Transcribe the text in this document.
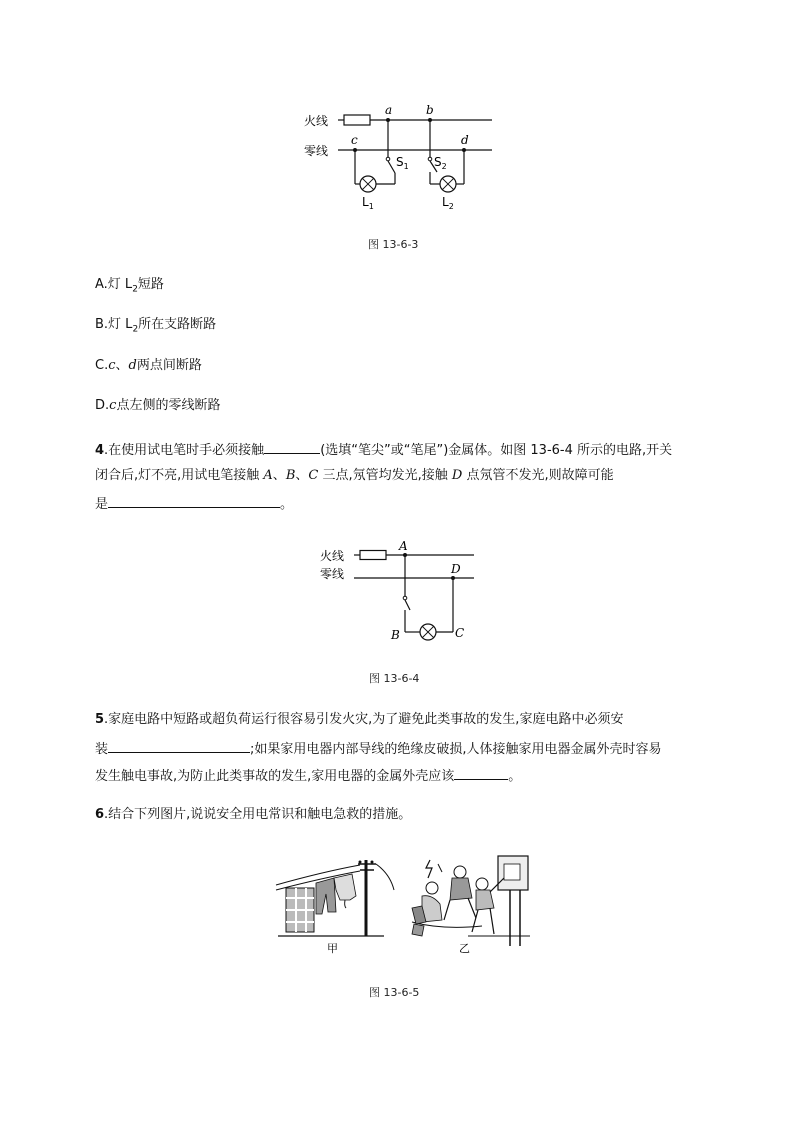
火线
零线
a	b
c	d
$S_1$
$L_1$
$S_2$
$L_2$
图 13-6-3
A.灯 $L_2$短路
B.灯 $L_2$所在支路断路
C.c、d两点间断路
D.c点左侧的零线断路
4.在使用试电笔时手必须接触	(选填“笔尖”或“笔尾”)金属体。如图 13-6-4 所示的电路,开关
闭合后,灯不亮,用试电笔接触 A、B、C 三点,氖管均发光,接触 D 点氖管不发光,则故障可能
是	。
火线
零线
A
D
B	C
图 13-6-4
5.家庭电路中短路或超负荷运行很容易引发火灾,为了避免此类事故的发生,家庭电路中必须安
装	;如果家用电器内部导线的绝缘皮破损,人体接触家用电器金属外壳时容易
发生触电事故,为防止此类事故的发生,家用电器的金属外壳应该	。
6.结合下列图片,说说安全用电常识和触电急救的措施。
甲	乙
图 13-6-5
